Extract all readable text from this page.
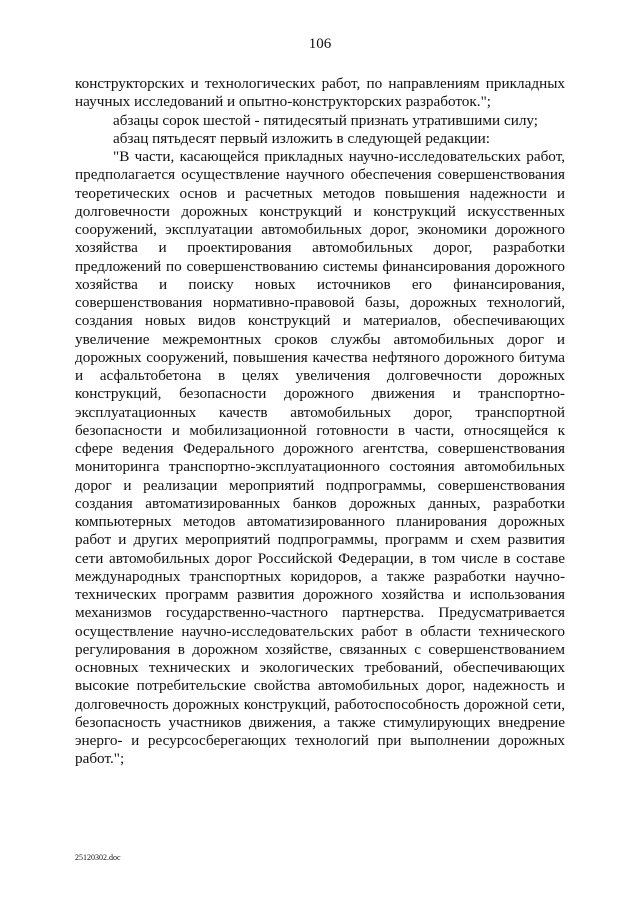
106

конструкторских и технологических работ, по направлениям прикладных научных исследований и опытно-конструкторских разработок.";

абзацы сорок шестой - пятидесятый признать утратившими силу;

абзац пятьдесят первый изложить в следующей редакции:

"В части, касающейся прикладных научно-исследовательских работ, предполагается осуществление научного обеспечения совершенствования теоретических основ и расчетных методов повышения надежности и долговечности дорожных конструкций и конструкций искусственных сооружений, эксплуатации автомобильных дорог, экономики дорожного хозяйства и проектирования автомобильных дорог, разработки предложений по совершенствованию системы финансирования дорожного хозяйства и поиску новых источников его финансирования, совершенствования нормативно-правовой базы, дорожных технологий, создания новых видов конструкций и материалов, обеспечивающих увеличение межремонтных сроков службы автомобильных дорог и дорожных сооружений, повышения качества нефтяного дорожного битума и асфальтобетона в целях увеличения долговечности дорожных конструкций, безопасности дорожного движения и транспортно-эксплуатационных качеств автомобильных дорог, транспортной безопасности и мобилизационной готовности в части, относящейся к сфере ведения Федерального дорожного агентства, совершенствования мониторинга транспортно-эксплуатационного состояния автомобильных дорог и реализации мероприятий подпрограммы, совершенствования создания автоматизированных банков дорожных данных, разработки компьютерных методов автоматизированного планирования дорожных работ и других мероприятий подпрограммы, программ и схем развития сети автомобильных дорог Российской Федерации, в том числе в составе международных транспортных коридоров, а также разработки научно-технических программ развития дорожного хозяйства и использования механизмов государственно-частного партнерства. Предусматривается осуществление научно-исследовательских работ в области технического регулирования в дорожном хозяйстве, связанных с совершенствованием основных технических и экологических требований, обеспечивающих высокие потребительские свойства автомобильных дорог, надежность и долговечность дорожных конструкций, работоспособность дорожной сети, безопасность участников движения, а также стимулирующих внедрение энерго- и ресурсосберегающих технологий при выполнении дорожных работ.";

25120302.doc
